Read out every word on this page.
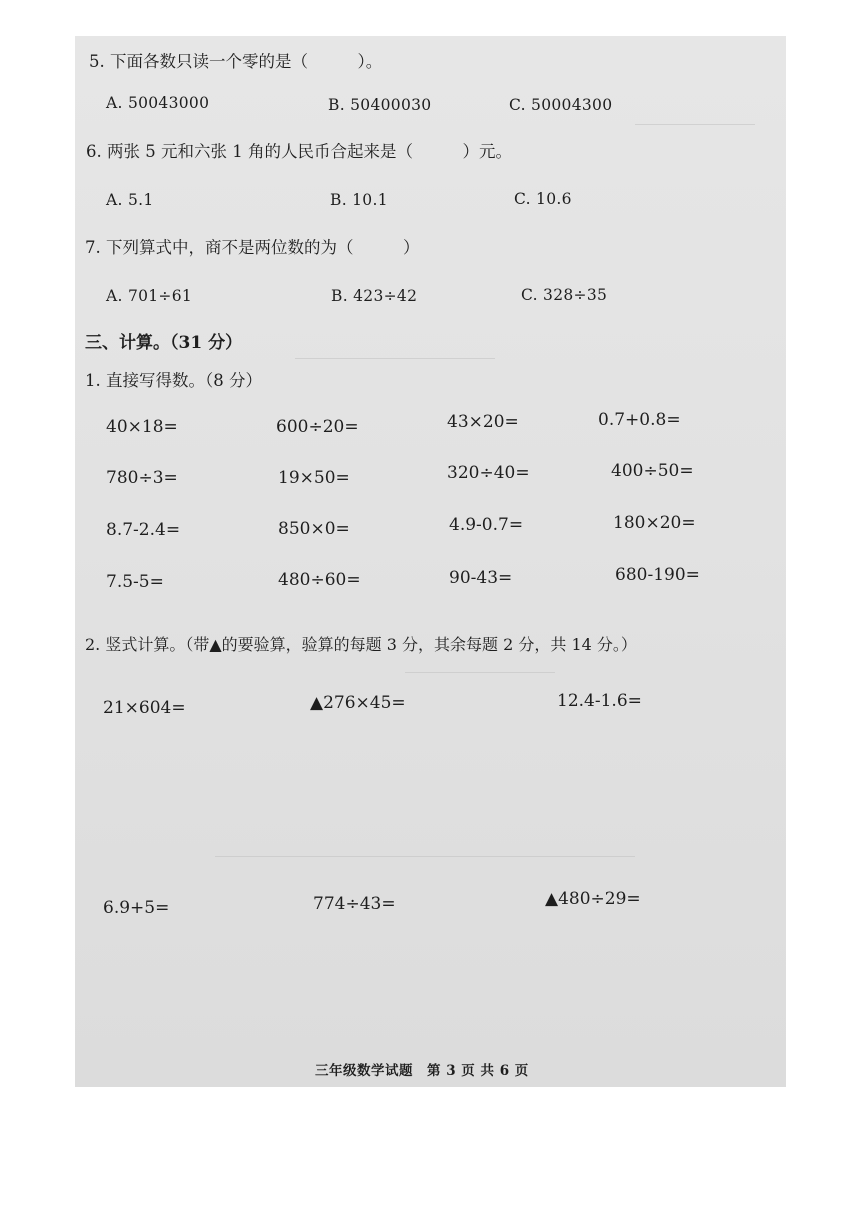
5. 下面各数只读一个零的是（　　　）。
A. 50043000	B. 50400030	C. 50004300
6. 两张 5 元和六张 1 角的人民币合起来是（　　　）元。
A. 5.1	B. 10.1	C. 10.6
7. 下列算式中，商不是两位数的为（　　　）
A. 701÷61	B. 423÷42	C. 328÷35
三、计算。（31 分）
1. 直接写得数。（8 分）
40×18=	600÷20=	43×20=	0.7+0.8=
780÷3=	19×50=	320÷40=	400÷50=
8.7-2.4=	850×0=	4.9-0.7=	180×20=
7.5-5=	480÷60=	90-43=	680-190=
2. 竖式计算。（带▲的要验算，验算的每题 3 分，其余每题 2 分，共 14 分。）
21×604=	▲276×45=	12.4-1.6=
6.9+5=	774÷43=	▲480÷29=
三年级数学试题　第 3 页 共 6 页
